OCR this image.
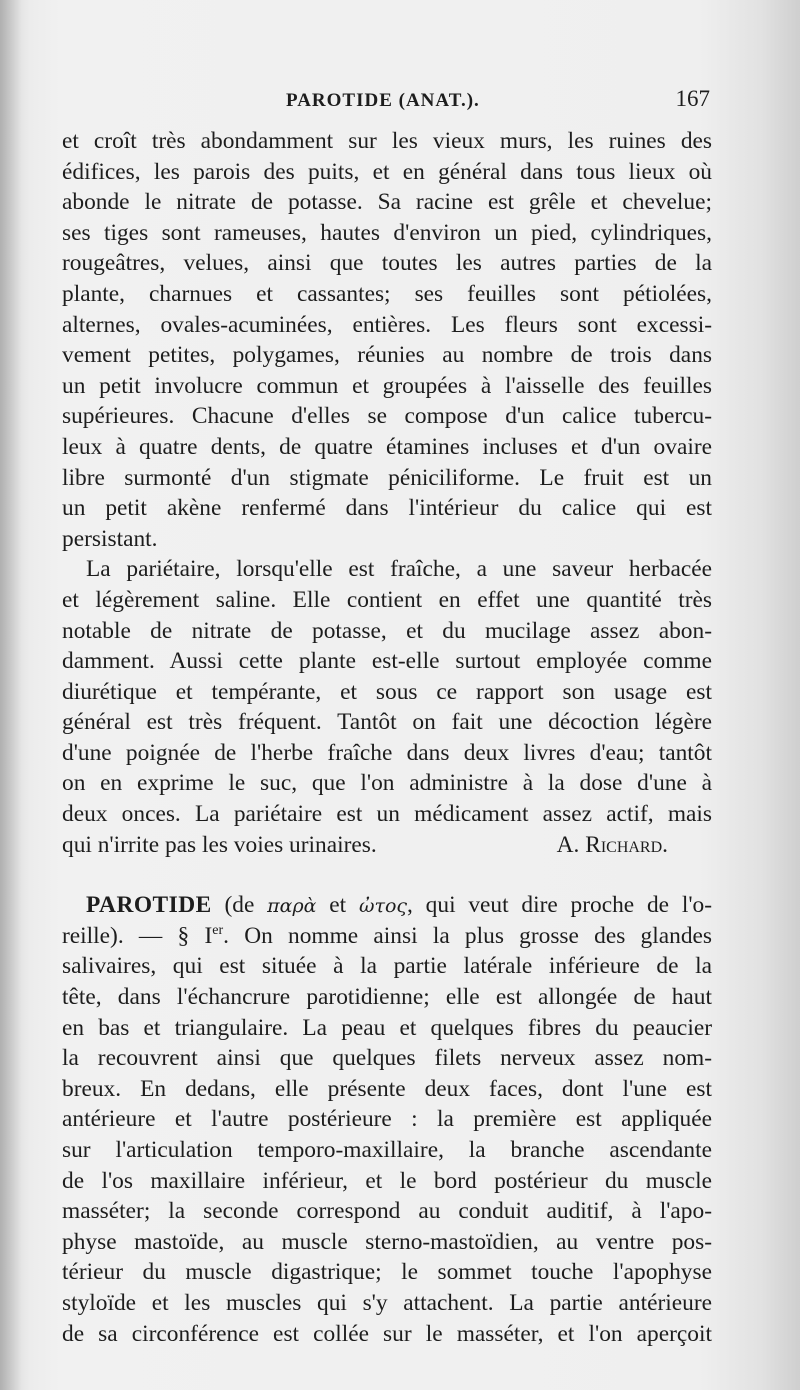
PAROTIDE (ANAT.).	167
et croît très abondamment sur les vieux murs, les ruines des
édifices, les parois des puits, et en général dans tous lieux où
abonde le nitrate de potasse. Sa racine est grêle et chevelue;
ses tiges sont rameuses, hautes d'environ un pied, cylindriques,
rougeâtres, velues, ainsi que toutes les autres parties de la
plante, charnues et cassantes; ses feuilles sont pétiolées,
alternes, ovales-acuminées, entières. Les fleurs sont excessi-
vement petites, polygames, réunies au nombre de trois dans
un petit involucre commun et groupées à l'aisselle des feuilles
supérieures. Chacune d'elles se compose d'un calice tubercu-
leux à quatre dents, de quatre étamines incluses et d'un ovaire
libre surmonté d'un stigmate péniciliforme. Le fruit est un
un petit akène renfermé dans l'intérieur du calice qui est
persistant.
La pariétaire, lorsqu'elle est fraîche, a une saveur herbacée
et légèrement saline. Elle contient en effet une quantité très
notable de nitrate de potasse, et du mucilage assez abon-
damment. Aussi cette plante est-elle surtout employée comme
diurétique et tempérante, et sous ce rapport son usage est
général est très fréquent. Tantôt on fait une décoction légère
d'une poignée de l'herbe fraîche dans deux livres d'eau; tantôt
on en exprime le suc, que l'on administre à la dose d'une à
deux onces. La pariétaire est un médicament assez actif, mais
qui n'irrite pas les voies urinaires.	A. Richard.
PAROTIDE (de παρὰ et ὠτος, qui veut dire proche de l'o-
reille). — § Ier. On nomme ainsi la plus grosse des glandes
salivaires, qui est située à la partie latérale inférieure de la
tête, dans l'échancrure parotidienne; elle est allongée de haut
en bas et triangulaire. La peau et quelques fibres du peaucier
la recouvrent ainsi que quelques filets nerveux assez nom-
breux. En dedans, elle présente deux faces, dont l'une est
antérieure et l'autre postérieure : la première est appliquée
sur l'articulation temporo-maxillaire, la branche ascendante
de l'os maxillaire inférieur, et le bord postérieur du muscle
masséter; la seconde correspond au conduit auditif, à l'apo-
physe mastoïde, au muscle sterno-mastoïdien, au ventre pos-
térieur du muscle digastrique; le sommet touche l'apophyse
styloïde et les muscles qui s'y attachent. La partie antérieure
de sa circonférence est collée sur le masséter, et l'on aperçoit
